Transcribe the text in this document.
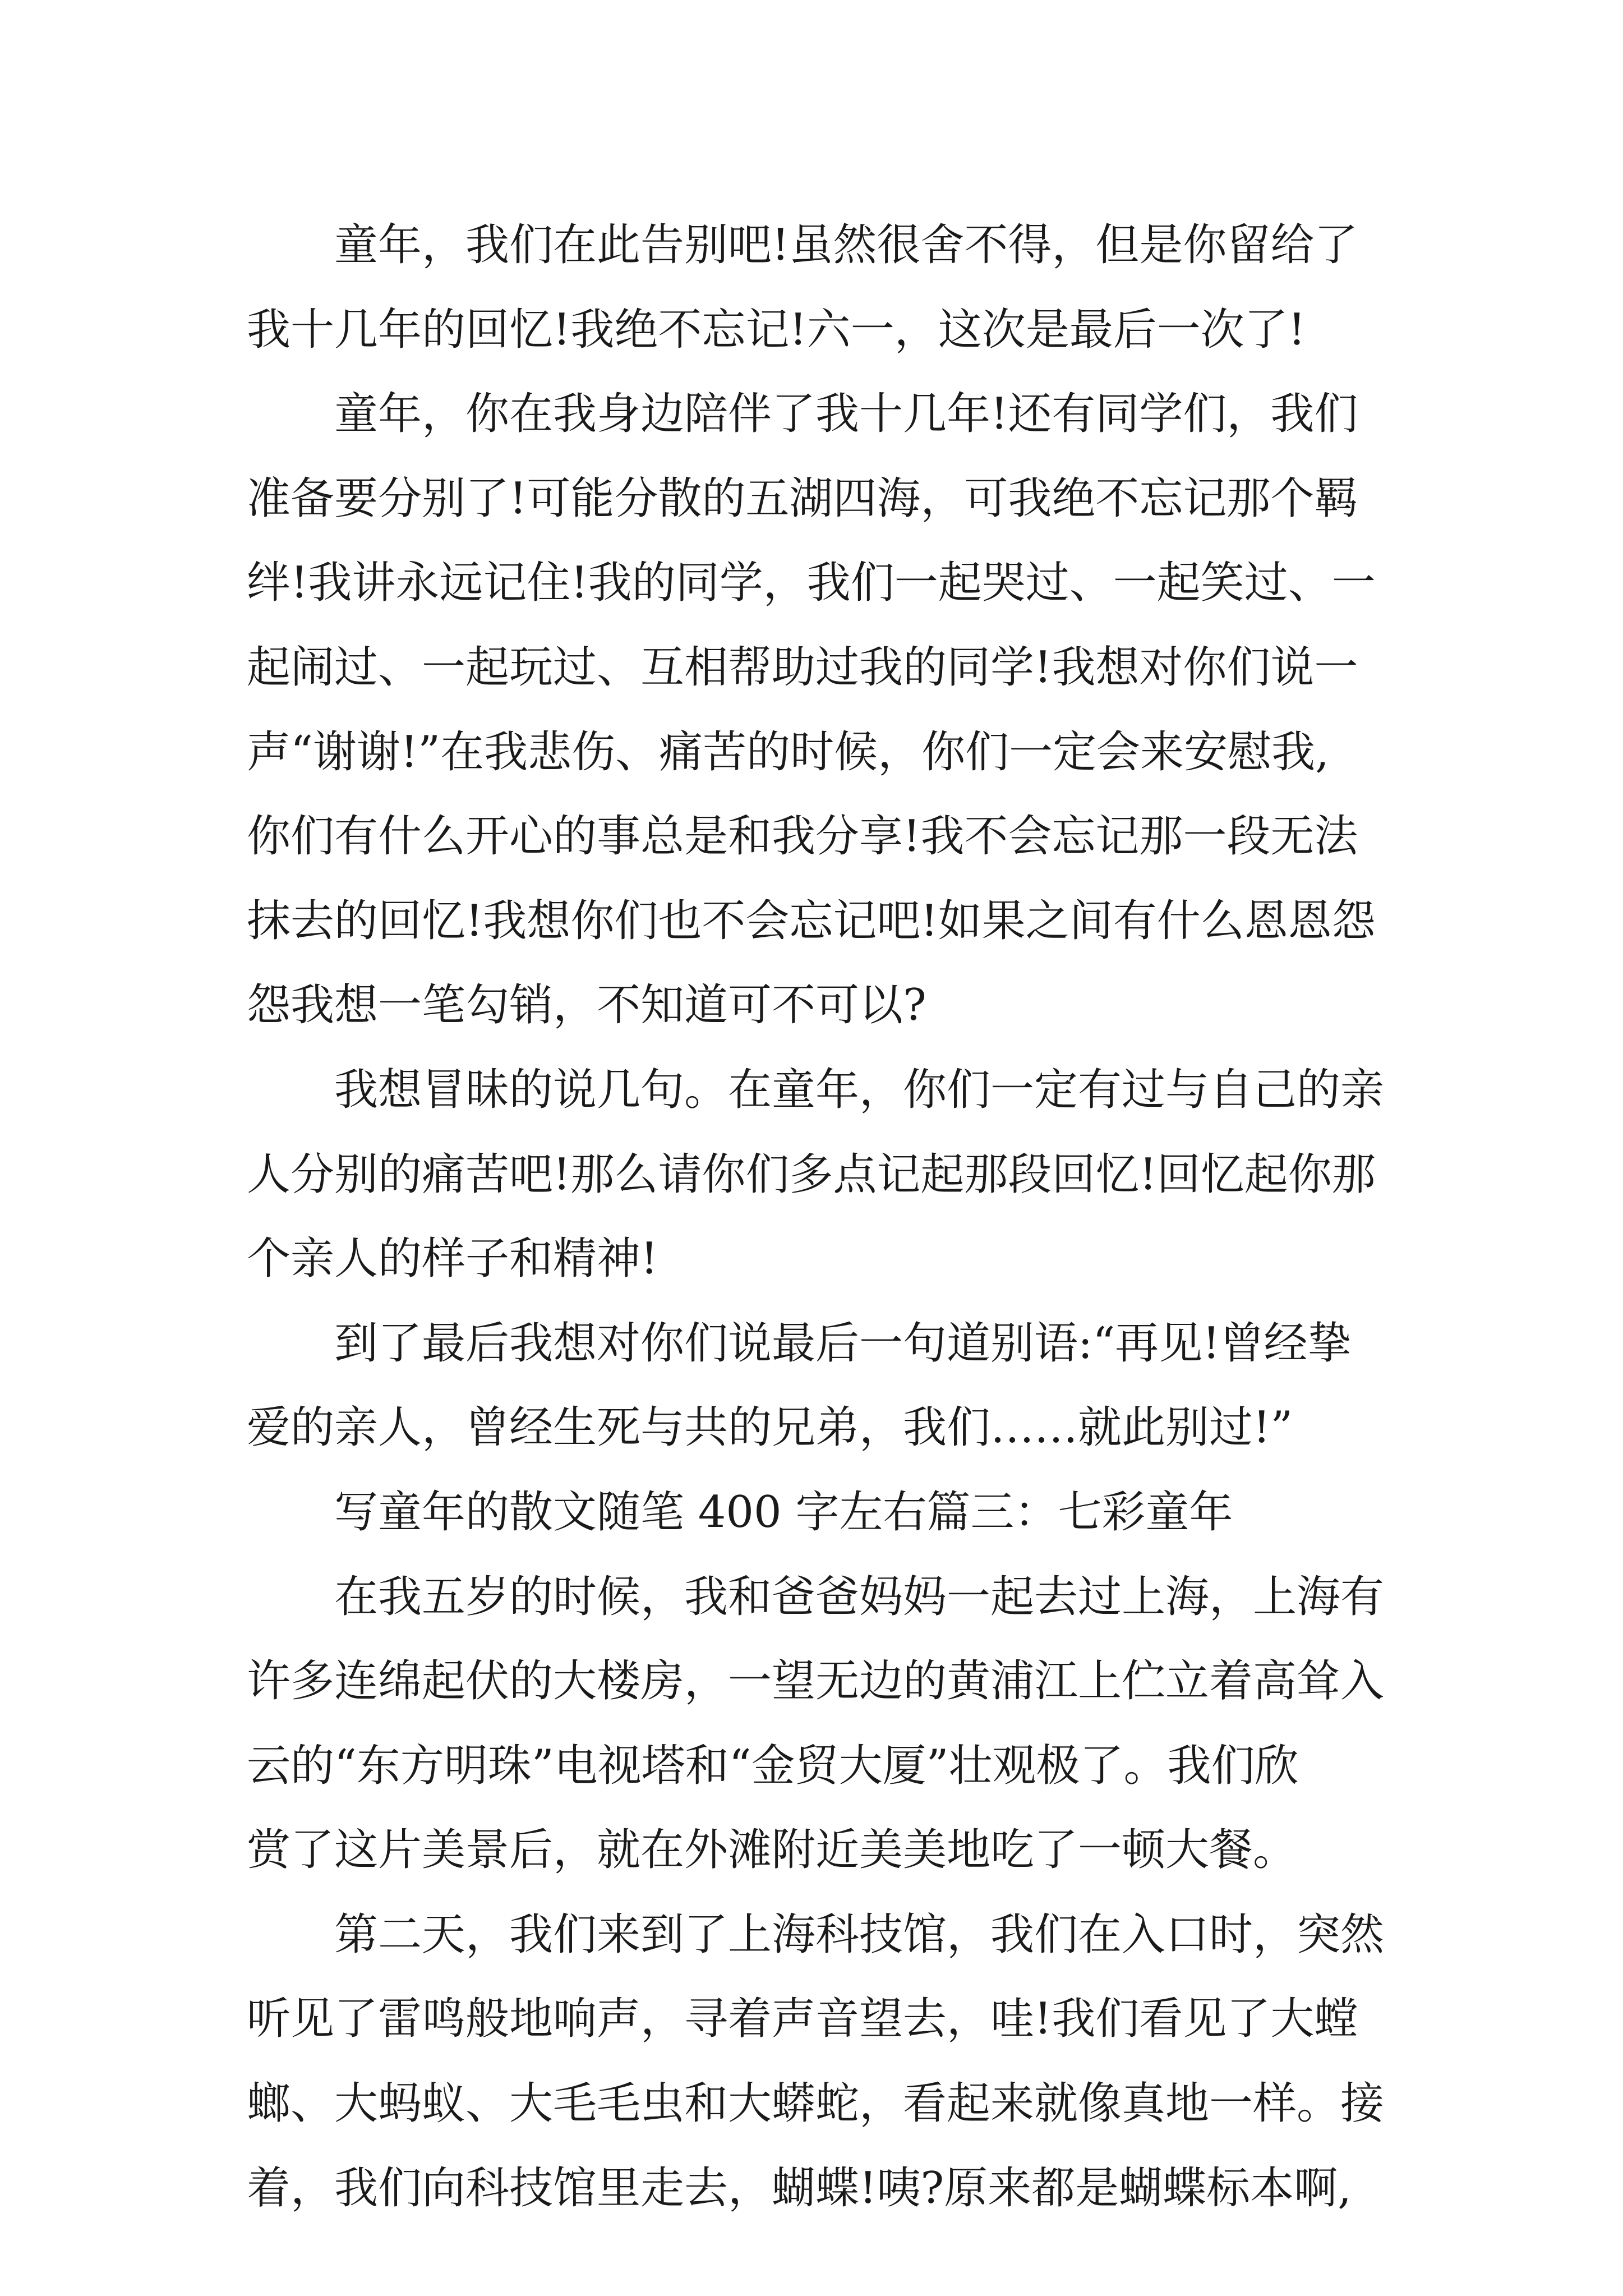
童年，我们在此告别吧!虽然很舍不得，但是你留给了
我十几年的回忆!我绝不忘记!六一，这次是最后一次了!
童年，你在我身边陪伴了我十几年!还有同学们，我们
准备要分别了!可能分散的五湖四海，可我绝不忘记那个羁
绊!我讲永远记住!我的同学，我们一起哭过、一起笑过、一
起闹过、一起玩过、互相帮助过我的同学!我想对你们说一
声“谢谢!”在我悲伤、痛苦的时候，你们一定会来安慰我,
你们有什么开心的事总是和我分享!我不会忘记那一段无法
抹去的回忆!我想你们也不会忘记吧!如果之间有什么恩恩怨
怨我想一笔勾销，不知道可不可以?
我想冒昧的说几句。在童年，你们一定有过与自己的亲
人分别的痛苦吧!那么请你们多点记起那段回忆!回忆起你那
个亲人的样子和精神!
到了最后我想对你们说最后一句道别语:“再见!曾经挚
爱的亲人，曾经生死与共的兄弟，我们……就此别过!”
写童年的散文随笔 400 字左右篇三：七彩童年
在我五岁的时候，我和爸爸妈妈一起去过上海，上海有
许多连绵起伏的大楼房，一望无边的黄浦江上伫立着高耸入
云的“东方明珠”电视塔和“金贸大厦”壮观极了。我们欣
赏了这片美景后，就在外滩附近美美地吃了一顿大餐。
第二天，我们来到了上海科技馆，我们在入口时，突然
听见了雷鸣般地响声，寻着声音望去，哇!我们看见了大螳
螂、大蚂蚁、大毛毛虫和大蟒蛇，看起来就像真地一样。接
着，我们向科技馆里走去，蝴蝶!咦?原来都是蝴蝶标本啊,
